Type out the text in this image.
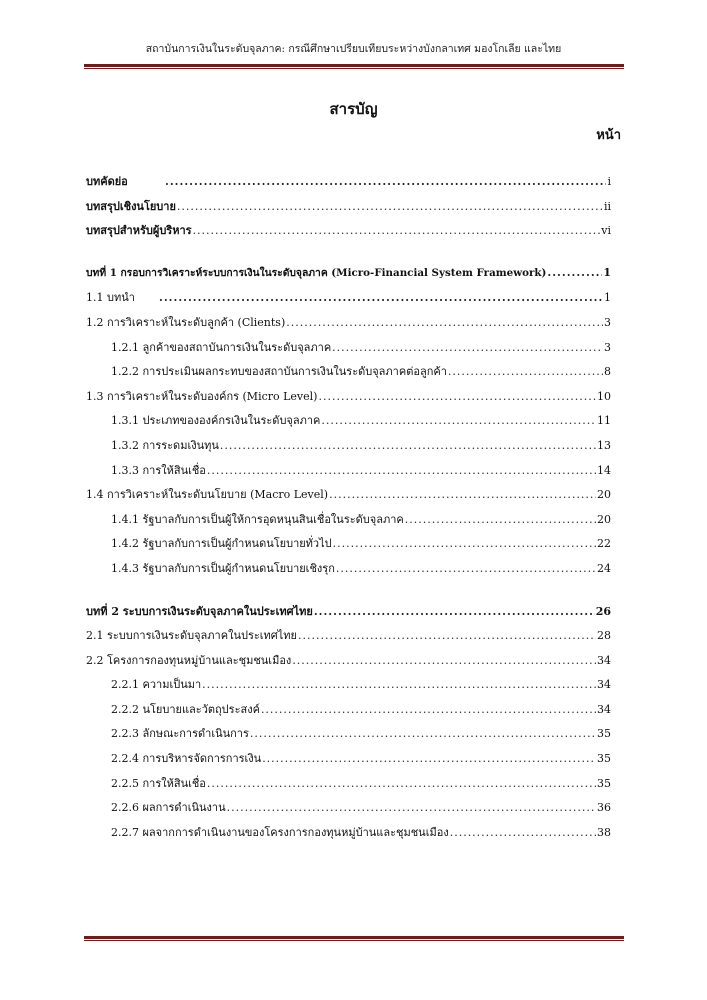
สถาบันการเงินในระดับจุลภาค: กรณีศึกษาเปรียบเทียบระหว่างบังกลาเทศ มองโกเลีย และไทย
สารบัญ
หน้า
บทคัดย่อ .....	i
บทสรุปเชิงนโยบาย .....	ii
บทสรุปสำหรับผู้บริหาร .....	vi
บทที่ 1 กรอบการวิเคราะห์ระบบการเงินในระดับจุลภาค (Micro-Financial System Framework) .....	1
1.1 บทนำ .....	1
1.2 การวิเคราะห์ในระดับลูกค้า (Clients) .....	3
1.2.1 ลูกค้าของสถาบันการเงินในระดับจุลภาค .....	3
1.2.2 การประเมินผลกระทบของสถาบันการเงินในระดับจุลภาคต่อลูกค้า .....	8
1.3 การวิเคราะห์ในระดับองค์กร (Micro Level) .....	10
1.3.1 ประเภทขององค์กรเงินในระดับจุลภาค .....	11
1.3.2 การระดมเงินทุน .....	13
1.3.3 การให้สินเชื่อ .....	14
1.4 การวิเคราะห์ในระดับนโยบาย (Macro Level) .....	20
1.4.1 รัฐบาลกับการเป็นผู้ให้การอุดหนุนสินเชื่อในระดับจุลภาค .....	20
1.4.2 รัฐบาลกับการเป็นผู้กำหนดนโยบายทั่วไป .....	22
1.4.3 รัฐบาลกับการเป็นผู้กำหนดนโยบายเชิงรุก .....	24
บทที่ 2 ระบบการเงินระดับจุลภาคในประเทศไทย .....	26
2.1 ระบบการเงินระดับจุลภาคในประเทศไทย .....	28
2.2 โครงการกองทุนหมู่บ้านและชุมชนเมือง .....	34
2.2.1 ความเป็นมา .....	34
2.2.2 นโยบายและวัตถุประสงค์ .....	34
2.2.3 ลักษณะการดำเนินการ .....	35
2.2.4 การบริหารจัดการการเงิน .....	35
2.2.5 การให้สินเชื่อ .....	35
2.2.6 ผลการดำเนินงาน .....	36
2.2.7 ผลจากการดำเนินงานของโครงการกองทุนหมู่บ้านและชุมชนเมือง .....	38
